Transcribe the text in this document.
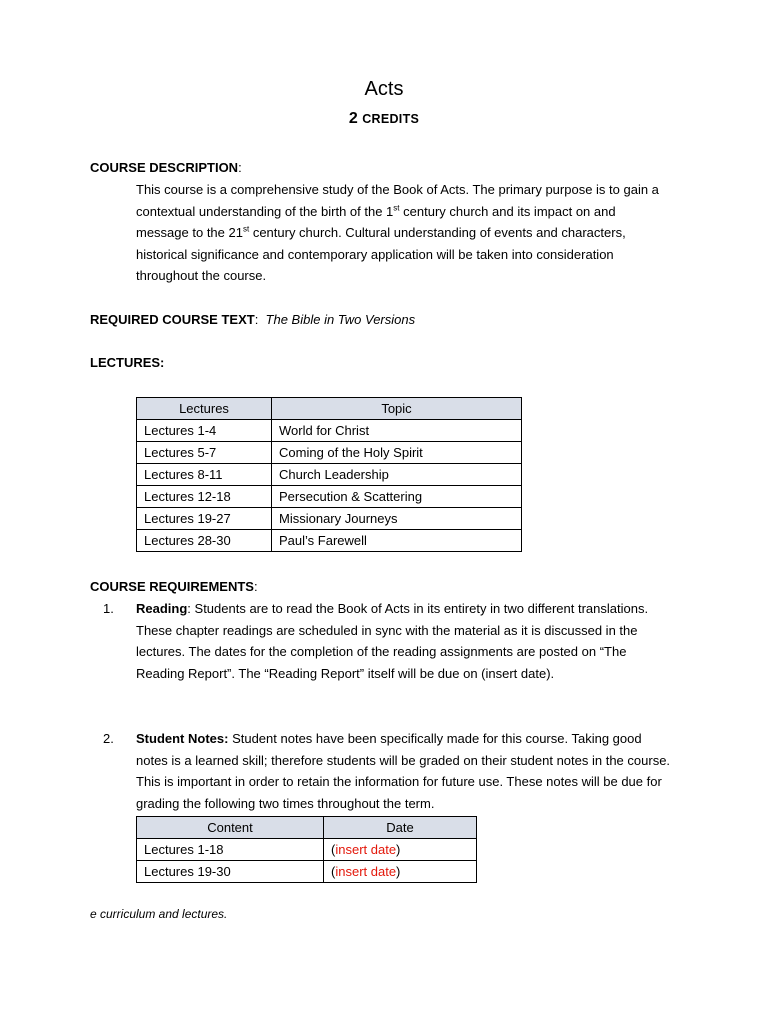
Acts
2 CREDITS
COURSE DESCRIPTION:
This course is a comprehensive study of the Book of Acts. The primary purpose is to gain a contextual understanding of the birth of the 1st century church and its impact on and message to the 21st century church. Cultural understanding of events and characters, historical significance and contemporary application will be taken into consideration throughout the course.
REQUIRED COURSE TEXT:  The Bible in Two Versions
LECTURES:
Lectures	Topic
Lectures 1-4	World for Christ
Lectures 5-7	Coming of the Holy Spirit
Lectures 8-11	Church Leadership
Lectures 12-18	Persecution & Scattering
Lectures 19-27	Missionary Journeys
Lectures 28-30	Paul’s Farewell
COURSE REQUIREMENTS:
1. Reading: Students are to read the Book of Acts in its entirety in two different translations. These chapter readings are scheduled in sync with the material as it is discussed in the lectures. The dates for the completion of the reading assignments are posted on “The Reading Report”. The “Reading Report” itself will be due on (insert date).
2. Student Notes: Student notes have been specifically made for this course. Taking good notes is a learned skill; therefore students will be graded on their student notes in the course. This is important in order to retain the information for future use. These notes will be due for grading the following two times throughout the term.
Content	Date
Lectures 1-18	(insert date)
Lectures 19-30	(insert date)
e curriculum and lectures.
